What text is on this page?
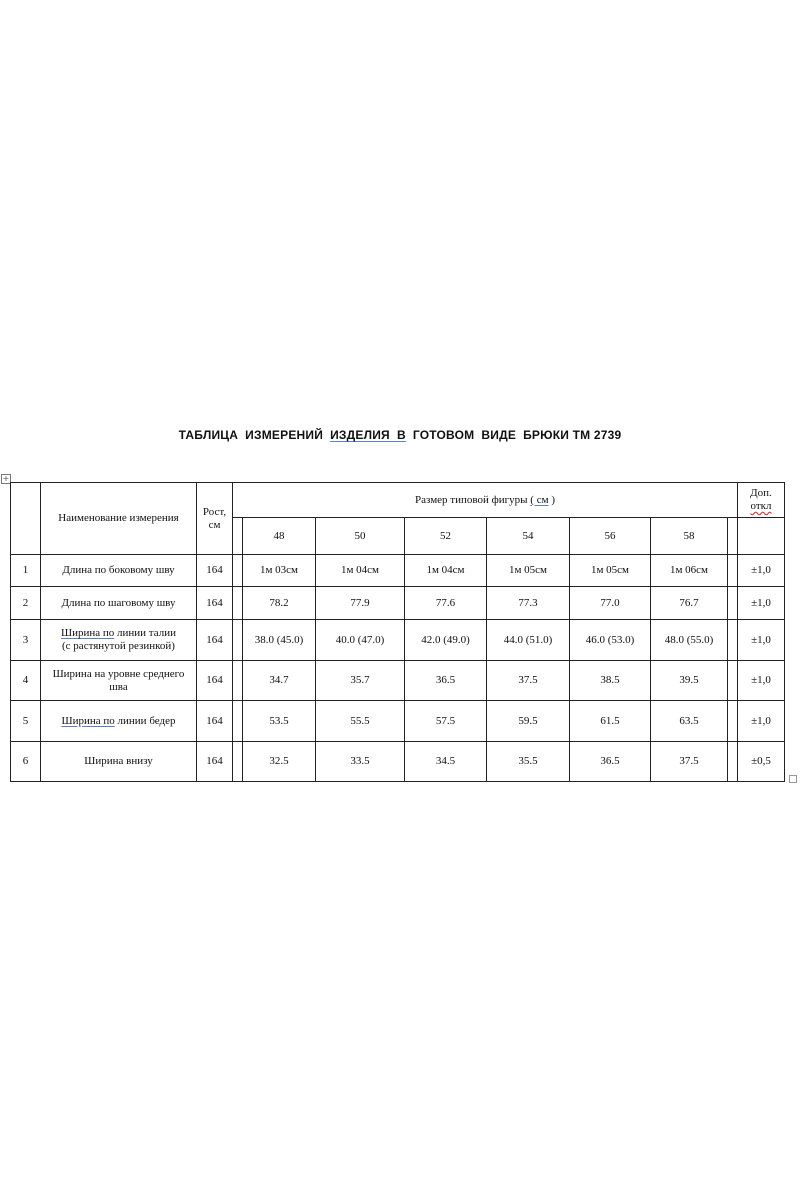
ТАБЛИЦА  ИЗМЕРЕНИЙ  ИЗДЕЛИЯ  В  ГОТОВОМ  ВИДЕ  БРЮКИ ТМ 2739
+
	Наименование измерения	Рост,
см	Размер типовой фигуры ( см )								Доп.
откл
				48	50	52	54	56	58		
1	Длина по боковому шву	164		1м 03см	1м 04см	1м 04см	1м 05см	1м 05см	1м 06см		±1,0
2	Длина по шаговому шву	164		78.2	77.9	77.6	77.3	77.0	76.7		±1,0
3	Ширина по линии талии
(с растянутой резинкой)	164		38.0 (45.0)	40.0 (47.0)	42.0 (49.0)	44.0 (51.0)	46.0 (53.0)	48.0 (55.0)		±1,0
4	Ширина на уровне среднего
шва	164		34.7	35.7	36.5	37.5	38.5	39.5		±1,0
5	Ширина по линии бедер	164		53.5	55.5	57.5	59.5	61.5	63.5		±1,0
6	Ширина внизу	164		32.5	33.5	34.5	35.5	36.5	37.5		±0,5
